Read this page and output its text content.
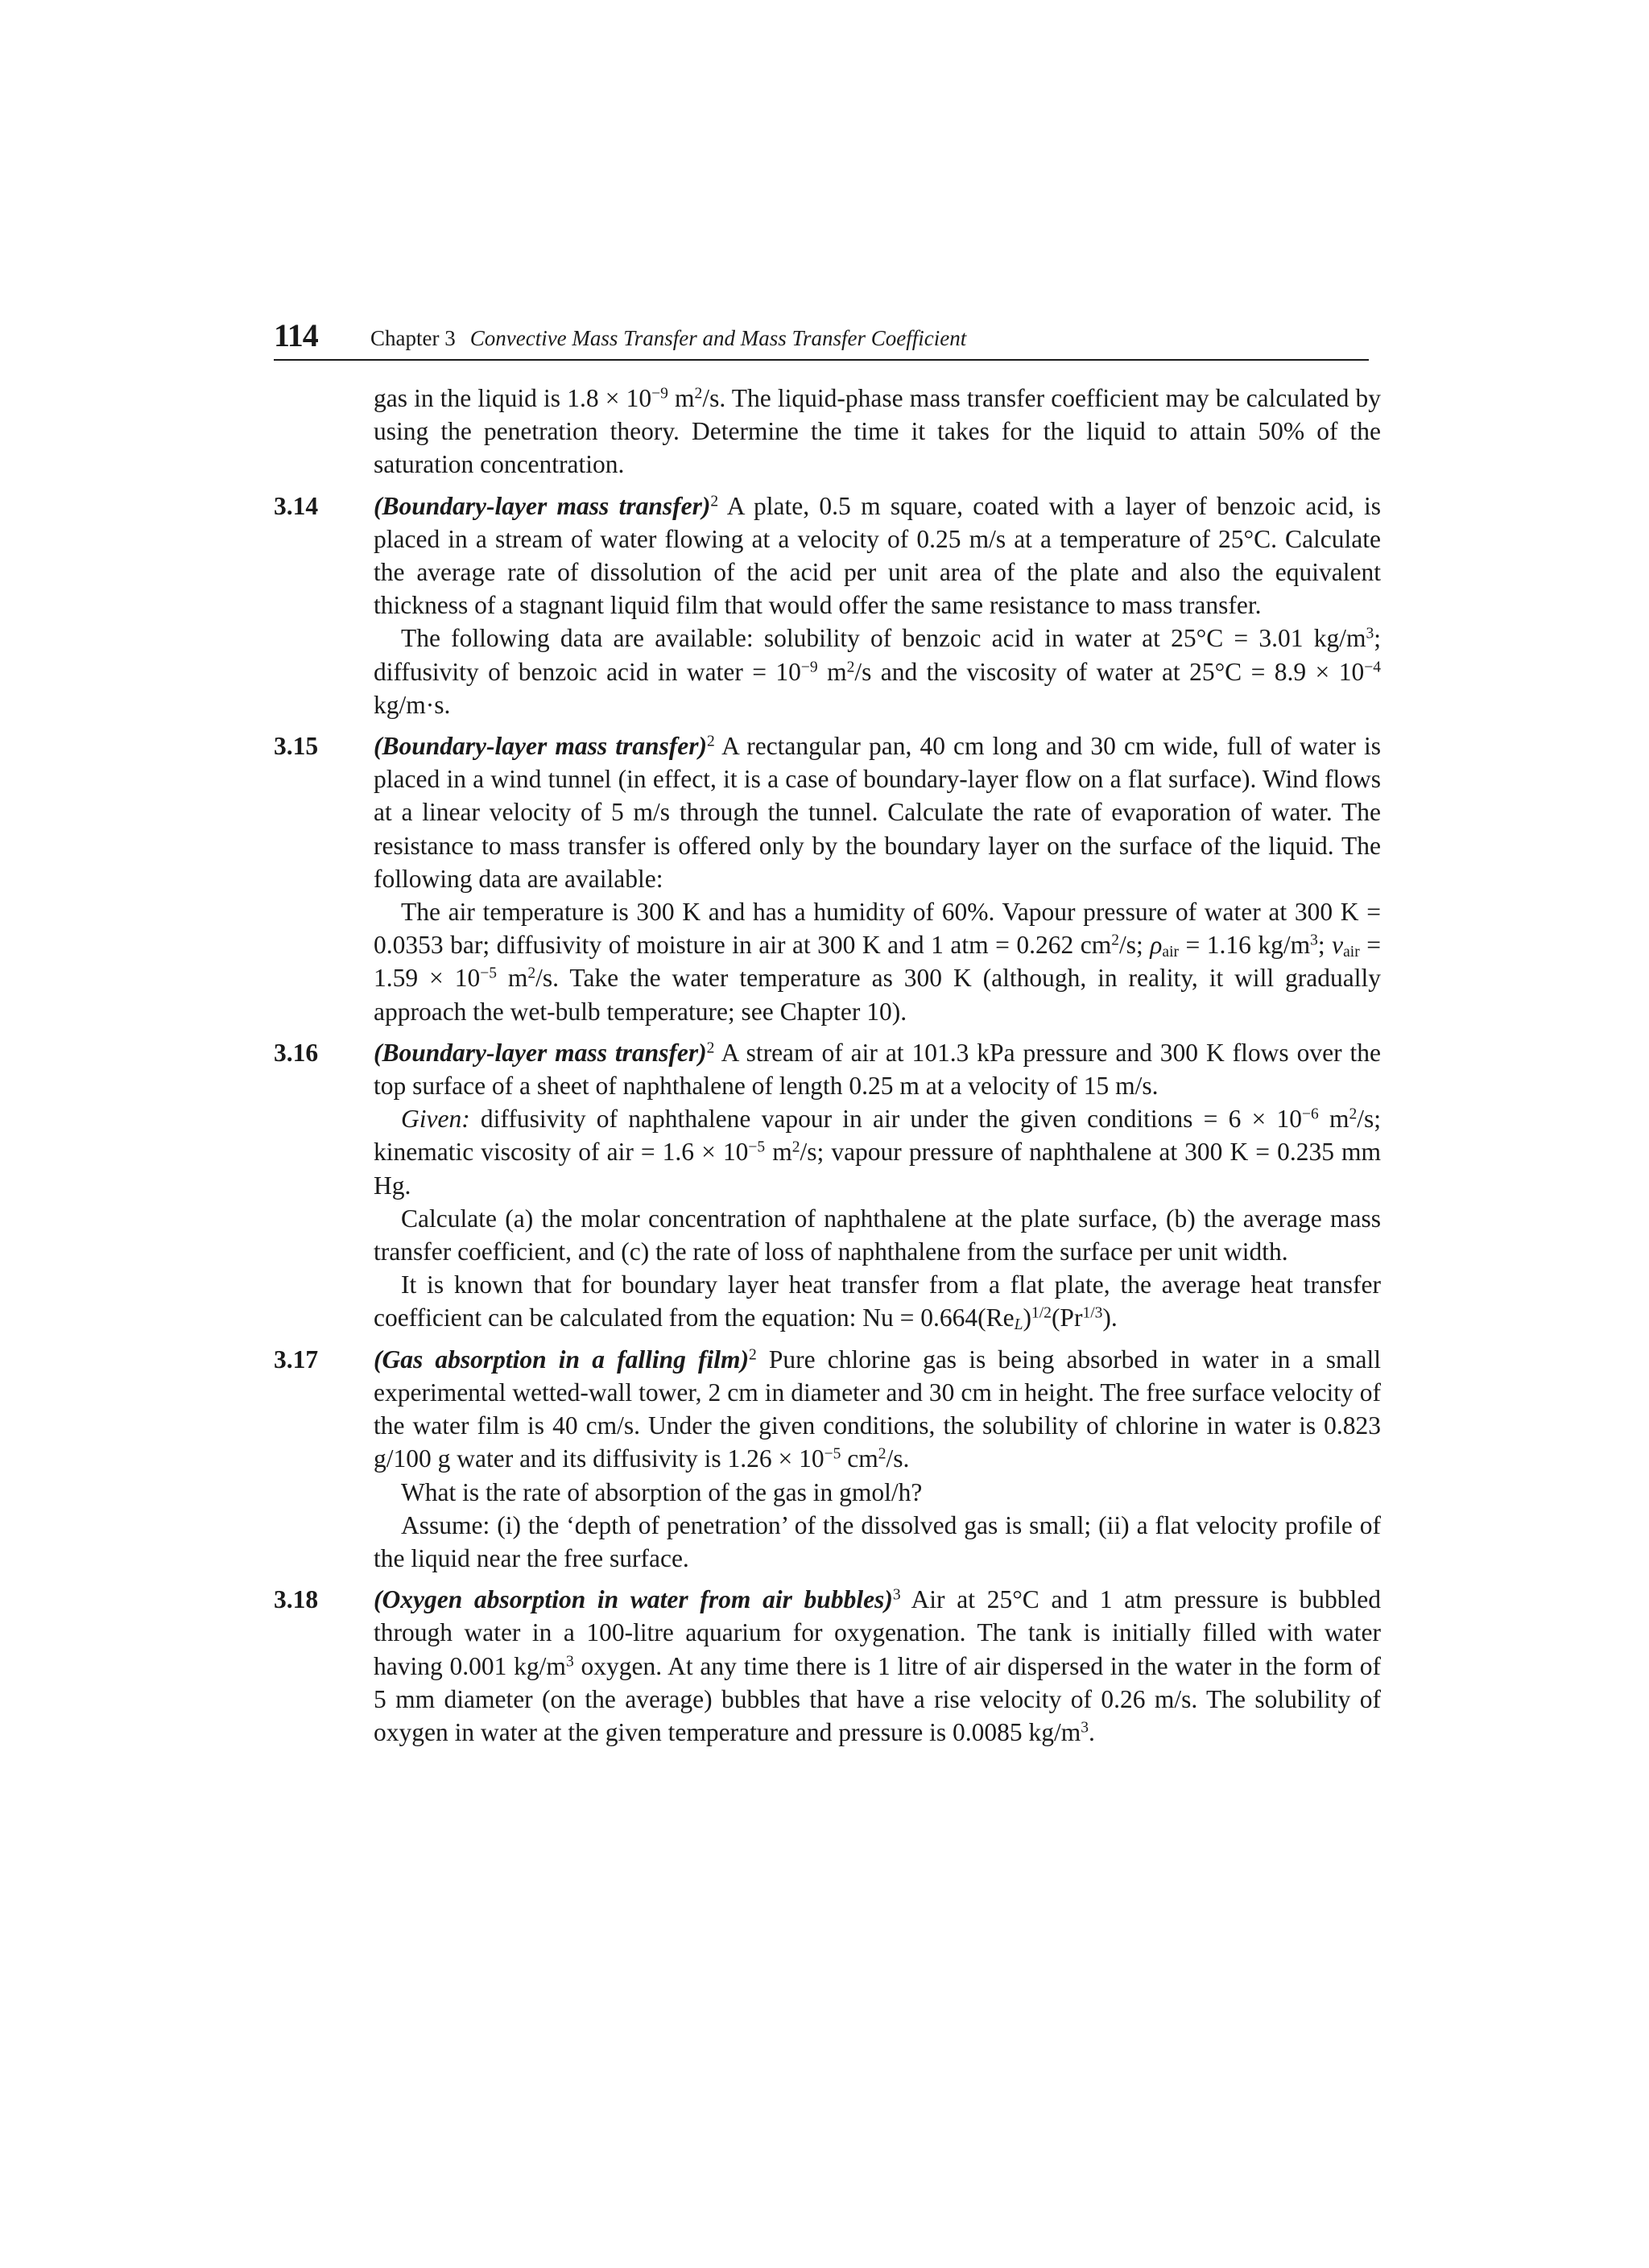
114 Chapter 3 Convective Mass Transfer and Mass Transfer Coefficient

gas in the liquid is $1.8 \times 10^{-9}$ $m^2/s$. The liquid-phase mass transfer coefficient may be calculated by using the penetration theory. Determine the time it takes for the liquid to attain 50% of the saturation concentration.

3.14 (Boundary-layer mass transfer)$^2$ A plate, 0.5 m square, coated with a layer of benzoic acid, is placed in a stream of water flowing at a velocity of 0.25 m/s at a temperature of 25°C. Calculate the average rate of dissolution of the acid per unit area of the plate and also the equivalent thickness of a stagnant liquid film that would offer the same resistance to mass transfer.

The following data are available: solubility of benzoic acid in water at 25°C = 3.01 $kg/m^3$; diffusivity of benzoic acid in water = $10^{-9}$ $m^2/s$ and the viscosity of water at $25^\circ C = 8.9 \times 10^{-4}$ kg/m·s.

3.15 (Boundary-layer mass transfer)$^2$ A rectangular pan, 40 cm long and 30 cm wide, full of water is placed in a wind tunnel (in effect, it is a case of boundary-layer flow on a flat surface). Wind flows at a linear velocity of 5 m/s through the tunnel. Calculate the rate of evaporation of water. The resistance to mass transfer is offered only by the boundary layer on the surface of the liquid. The following data are available:

The air temperature is 300 K and has a humidity of 60%. Vapour pressure of water at 300 K = 0.0353 bar; diffusivity of moisture in air at 300 K and 1 atm = 0.262 $cm^2/s$; $\rho_{air} = 1.16$ $kg/m^3$; $\nu_{air} = 1.59 \times 10^{-5}$ $m^2/s$. Take the water temperature as 300 K (although, in reality, it will gradually approach the wet-bulb temperature; see Chapter 10).

3.16 (Boundary-layer mass transfer)$^2$ A stream of air at 101.3 kPa pressure and 300 K flows over the top surface of a sheet of naphthalene of length 0.25 m at a velocity of 15 m/s.

Given: diffusivity of naphthalene vapour in air under the given conditions = $6 \times 10^{-6}$ $m^2/s$; kinematic viscosity of air = $1.6 \times 10^{-5}$ $m^2/s$; vapour pressure of naphthalene at 300 K = 0.235 mm Hg.

Calculate (a) the molar concentration of naphthalene at the plate surface, (b) the average mass transfer coefficient, and (c) the rate of loss of naphthalene from the surface per unit width.

It is known that for boundary layer heat transfer from a flat plate, the average heat transfer coefficient can be calculated from the equation: $Nu = 0.664(Re_L)^{1/2}(Pr^{1/3})$.

3.17 (Gas absorption in a falling film)$^2$ Pure chlorine gas is being absorbed in water in a small experimental wetted-wall tower, 2 cm in diameter and 30 cm in height. The free surface velocity of the water film is 40 cm/s. Under the given conditions, the solubility of chlorine in water is 0.823 g/100 g water and its diffusivity is $1.26 \times 10^{-5}$ $cm^2/s$.

What is the rate of absorption of the gas in gmol/h?

Assume: (i) the ‘depth of penetration’ of the dissolved gas is small; (ii) a flat velocity profile of the liquid near the free surface.

3.18 (Oxygen absorption in water from air bubbles)$^3$ Air at 25°C and 1 atm pressure is bubbled through water in a 100-litre aquarium for oxygenation. The tank is initially filled with water having 0.001 $kg/m^3$ oxygen. At any time there is 1 litre of air dispersed in the water in the form of 5 mm diameter (on the average) bubbles that have a rise velocity of 0.26 m/s. The solubility of oxygen in water at the given temperature and pressure is 0.0085 $kg/m^3$.
